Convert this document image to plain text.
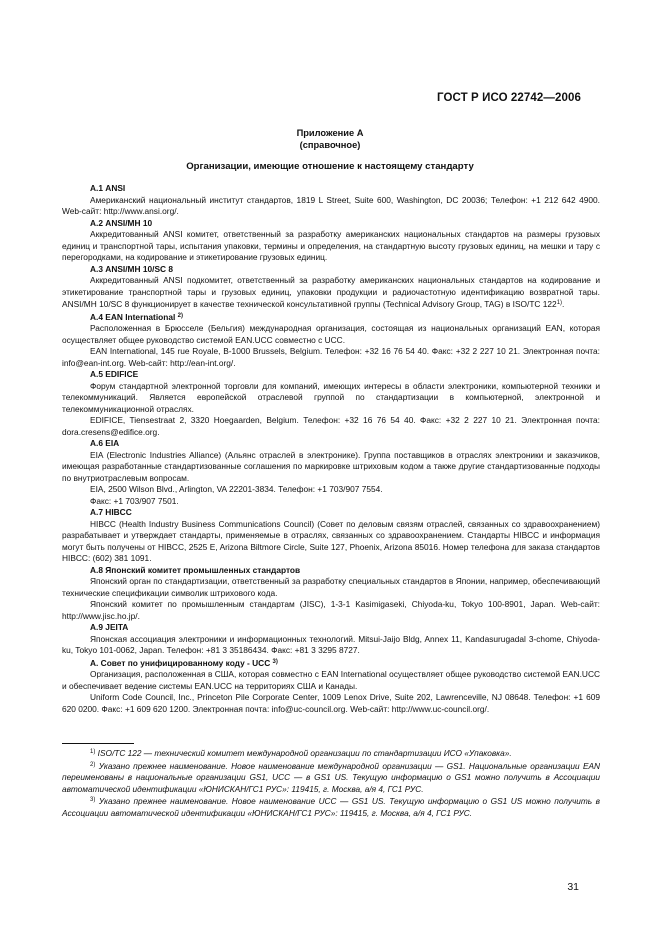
ГОСТ Р ИСО 22742—2006
Приложение А
(справочное)
Организации, имеющие отношение к настоящему стандарту

А.1 ANSI

Американский национальный институт стандартов, 1819 L Street, Suite 600, Washington, DC 20036; Телефон: +1 212 642 4900. Web-сайт: http://www.ansi.org/.

А.2 ANSI/MH 10

Аккредитованный ANSI комитет, ответственный за разработку американских национальных стандартов на размеры грузовых единиц и транспортной тары, испытания упаковки, термины и определения, на стандартную высоту грузовых единиц, на мешки и тару с перегородками, на кодирование и этикетирование грузовых единиц.

А.3 ANSI/MH 10/SC 8

Аккредитованный ANSI подкомитет, ответственный за разработку американских национальных стандартов на кодирование и этикетирование транспортной тары и грузовых единиц, упаковки продукции и радиочастотную идентификацию возвратной тары. ANSI/MH 10/SC 8 функционирует в качестве технической консультативной группы (Technical Advisory Group, TAG) в ISO/TC 122$^{1)}$.

А.4 EAN International $^{2)}$

Расположенная в Брюсселе (Бельгия) международная организация, состоящая из национальных организаций EAN, которая осуществляет общее руководство системой EAN.UCC совместно с UCC.

EAN International, 145 rue Royale, B-1000 Brussels, Belgium. Телефон: +32 16 76 54 40. Факс: +32 2 227 10 21. Электронная почта: info@ean-int.org. Web-сайт: http://ean-int.org/.

А.5 EDIFICE

Форум стандартной электронной торговли для компаний, имеющих интересы в области электроники, компьютерной техники и телекоммуникаций. Является европейской отраслевой группой по стандартизации в компьютерной, электронной и телекоммуникационной отраслях.

EDIFICE, Tiensestraat 2, 3320 Hoegaarden, Belgium. Телефон: +32 16 76 54 40. Факс: +32 2 227 10 21. Электронная почта: dora.cresens@edifice.org.

А.6 EIA

EIA (Electronic Industries Alliance) (Альянс отраслей в электронике). Группа поставщиков в отраслях электроники и заказчиков, имеющая разработанные стандартизованные соглашения по маркировке штриховым кодом а также другие стандартизованные подходы по внутриотраслевым вопросам.

EIA, 2500 Wilson Blvd., Arlington, VA 22201-3834. Телефон: +1 703/907 7554.

Факс: +1 703/907 7501.

А.7 HIBCC

HIBCC (Health Industry Business Communications Council) (Совет по деловым связям отраслей, связанных со здравоохранением) разрабатывает и утверждает стандарты, применяемые в отраслях, связанных со здравоохранением. Стандарты HIBCC и информация могут быть получены от HIBCC, 2525 E, Arizona Biltmore Circle, Suite 127, Phoenix, Arizona 85016. Номер телефона для заказа стандартов HIBCC: (602) 381 1091.

А.8 Японский комитет промышленных стандартов

Японский орган по стандартизации, ответственный за разработку специальных стандартов в Японии, например, обеспечивающий технические спецификации символик штрихового кода.

Японский комитет по промышленным стандартам (JISC), 1-3-1 Kasimigaseki, Chiyoda-ku, Tokyo 100-8901, Japan. Web-сайт: http://www.jisc.ho.jp/.

А.9 JEITA

Японская ассоциация электроники и информационных технологий. Mitsui-Jaijo Bldg, Annex 11, Kandasurugadal 3-chome, Chiyoda-ku, Tokyo 101-0062, Japan. Телефон: +81 3 35186434. Факс: +81 3 3295 8727.

А. Совет по унифицированному коду - UCC $^{3)}$

Организация, расположенная в США, которая совместно с EAN International осуществляет общее руководство системой EAN.UCC и обеспечивает ведение системы EAN.UCC на территориях США и Канады.

Uniform Code Council, Inc., Princeton Pile Corporate Center, 1009 Lenox Drive, Suite 202, Lawrenceville, NJ 08648. Телефон: +1 609 620 0200. Факс: +1 609 620 1200. Электронная почта: info@uc-council.org. Web-сайт: http://www.uc-council.org/.

$^{1)}$ ISO/TC 122 — технический комитет международной организации по стандартизации ИСО «Упаковка».

$^{2)}$ Указано прежнее наименование. Новое наименование международной организации — GS1. Национальные организации EAN переименованы в национальные организации GS1, UCC — в GS1 US. Текущую информацию о GS1 можно получить в Ассоциации автоматической идентификации «ЮНИСКАН/ГС1 РУС»: 119415, г. Москва, а/я 4, ГС1 РУС.

$^{3)}$ Указано прежнее наименование. Новое наименование UCC — GS1 US. Текущую информацию о GS1 US можно получить в Ассоциации автоматической идентификации «ЮНИСКАН/ГС1 РУС»: 119415, г. Москва, а/я 4, ГС1 РУС.

31
